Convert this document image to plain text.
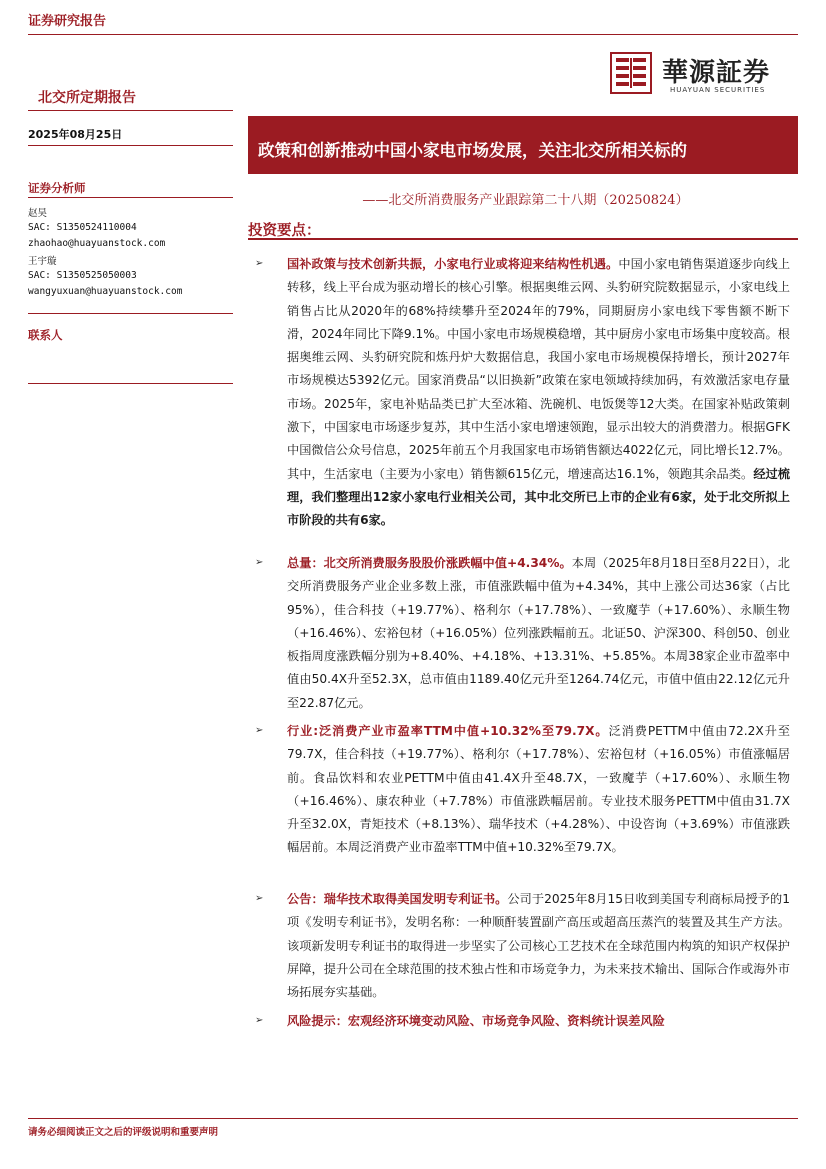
证券研究报告
華源証券
HUAYUAN SECURITIES
北交所定期报告
2025年08月25日
政策和创新推动中国小家电市场发展，关注北交所相关标的
——北交所消费服务产业跟踪第二十八期（20250824）
证券分析师
赵昊
SAC: S1350524110004
zhaohao@huayuanstock.com
王宇璇
SAC: S1350525050003
wangyuxuan@huayuanstock.com
联系人
投资要点：
➢ 国补政策与技术创新共振，小家电行业或将迎来结构性机遇。中国小家电销售渠道逐步向线上转移，线上平台成为驱动增长的核心引擎。根据奥维云网、头豹研究院数据显示，小家电线上销售占比从2020年的68%持续攀升至2024年的79%，同期厨房小家电线下零售额不断下滑，2024年同比下降9.1%。中国小家电市场规模稳增，其中厨房小家电市场集中度较高。根据奥维云网、头豹研究院和炼丹炉大数据信息，我国小家电市场规模保持增长，预计2027年市场规模达5392亿元。国家消费品“以旧换新”政策在家电领域持续加码，有效激活家电存量市场。2025年，家电补贴品类已扩大至冰箱、洗碗机、电饭煲等12大类。在国家补贴政策刺激下，中国家电市场逐步复苏，其中生活小家电增速领跑，显示出较大的消费潜力。根据GFK中国微信公众号信息，2025年前五个月我国家电市场销售额达4022亿元，同比增长12.7%。其中，生活家电（主要为小家电）销售额615亿元，增速高达16.1%，领跑其余品类。经过梳理，我们整理出12家小家电行业相关公司，其中北交所已上市的企业有6家，处于北交所拟上市阶段的共有6家。
➢ 总量：北交所消费服务股股价涨跌幅中值+4.34%。本周（2025年8月18日至8月22日），北交所消费服务产业企业多数上涨，市值涨跌幅中值为+4.34%，其中上涨公司达36家（占比95%），佳合科技（+19.77%）、格利尔（+17.78%）、一致魔芋（+17.60%）、永顺生物（+16.46%）、宏裕包材（+16.05%）位列涨跌幅前五。北证50、沪深300、科创50、创业板指周度涨跌幅分别为+8.40%、+4.18%、+13.31%、+5.85%。本周38家企业市盈率中值由50.4X升至52.3X，总市值由1189.40亿元升至1264.74亿元，市值中值由22.12亿元升至22.87亿元。
➢ 行业:泛消费产业市盈率TTM中值+10.32%至79.7X。泛消费PETTM中值由72.2X升至79.7X，佳合科技（+19.77%）、格利尔（+17.78%）、宏裕包材（+16.05%）市值涨幅居前。食品饮料和农业PETTM中值由41.4X升至48.7X，一致魔芋（+17.60%）、永顺生物（+16.46%）、康农种业（+7.78%）市值涨跌幅居前。专业技术服务PETTM中值由31.7X升至32.0X，青矩技术（+8.13%）、瑞华技术（+4.28%）、中设咨询（+3.69%）市值涨跌幅居前。本周泛消费产业市盈率TTM中值+10.32%至79.7X。
➢ 公告：瑞华技术取得美国发明专利证书。公司于2025年8月15日收到美国专利商标局授予的1项《发明专利证书》，发明名称：一种顺酐装置副产高压或超高压蒸汽的装置及其生产方法。该项新发明专利证书的取得进一步坚实了公司核心工艺技术在全球范围内构筑的知识产权保护屏障，提升公司在全球范围的技术独占性和市场竞争力，为未来技术输出、国际合作或海外市场拓展夯实基础。
➢ 风险提示：宏观经济环境变动风险、市场竞争风险、资料统计误差风险
请务必细阅读正文之后的评级说明和重要声明
